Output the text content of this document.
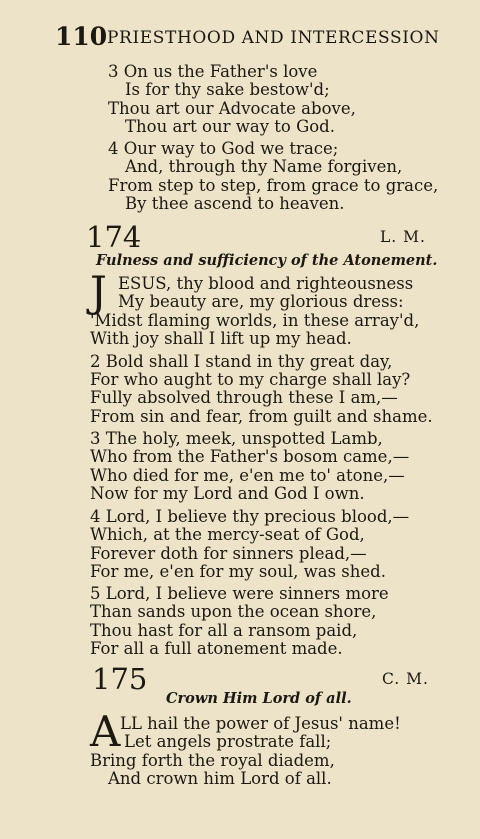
110 PRIESTHOOD AND INTERCESSION
3 On us the Father's love
Is for thy sake bestow'd;
Thou art our Advocate above,
Thou art our way to God.
4 Our way to God we trace;
And, through thy Name forgiven,
From step to step, from grace to grace,
By thee ascend to heaven.
174	L. M.
Fulness and sufficiency of the Atonement.
J ESUS, thy blood and righteousness
My beauty are, my glorious dress:
'Midst flaming worlds, in these array'd,
With joy shall I lift up my head.
2 Bold shall I stand in thy great day,
For who aught to my charge shall lay?
Fully absolved through these I am,—
From sin and fear, from guilt and shame.
3 The holy, meek, unspotted Lamb,
Who from the Father's bosom came,—
Who died for me, e'en me to' atone,—
Now for my Lord and God I own.
4 Lord, I believe thy precious blood,—
Which, at the mercy-seat of God,
Forever doth for sinners plead,—
For me, e'en for my soul, was shed.
5 Lord, I believe were sinners more
Than sands upon the ocean shore,
Thou hast for all a ransom paid,
For all a full atonement made.
175	C. M.
Crown Him Lord of all.
A LL hail the power of Jesus' name!
Let angels prostrate fall;
Bring forth the royal diadem,
And crown him Lord of all.
